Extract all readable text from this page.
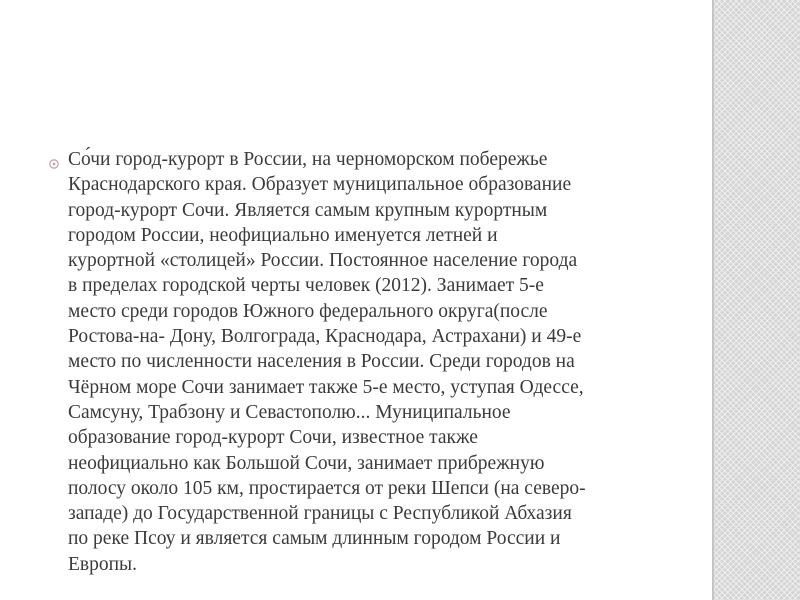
Со́чи город-курорт в России, на черноморском побережье
Краснодарского края. Образует муниципальное образование
город-курорт Сочи. Является самым крупным курортным
городом России, неофициально именуется летней и
курортной «столицей» России. Постоянное население города
в пределах городской черты человек (2012). Занимает 5-е
место среди городов Южного федерального округа(после
Ростова-на- Дону, Волгограда, Краснодара, Астрахани) и 49-е
место по численности населения в России. Среди городов на
Чёрном море Сочи занимает также 5-е место, уступая Одессе,
Самсуну, Трабзону и Севастополю... Муниципальное
образование город-курорт Сочи, известное также
неофициально как Большой Сочи, занимает прибрежную
полосу около 105 км, простирается от реки Шепси (на северо-
западе) до Государственной границы с Республикой Абхазия
по реке Псоу и является самым длинным городом России и
Европы.
